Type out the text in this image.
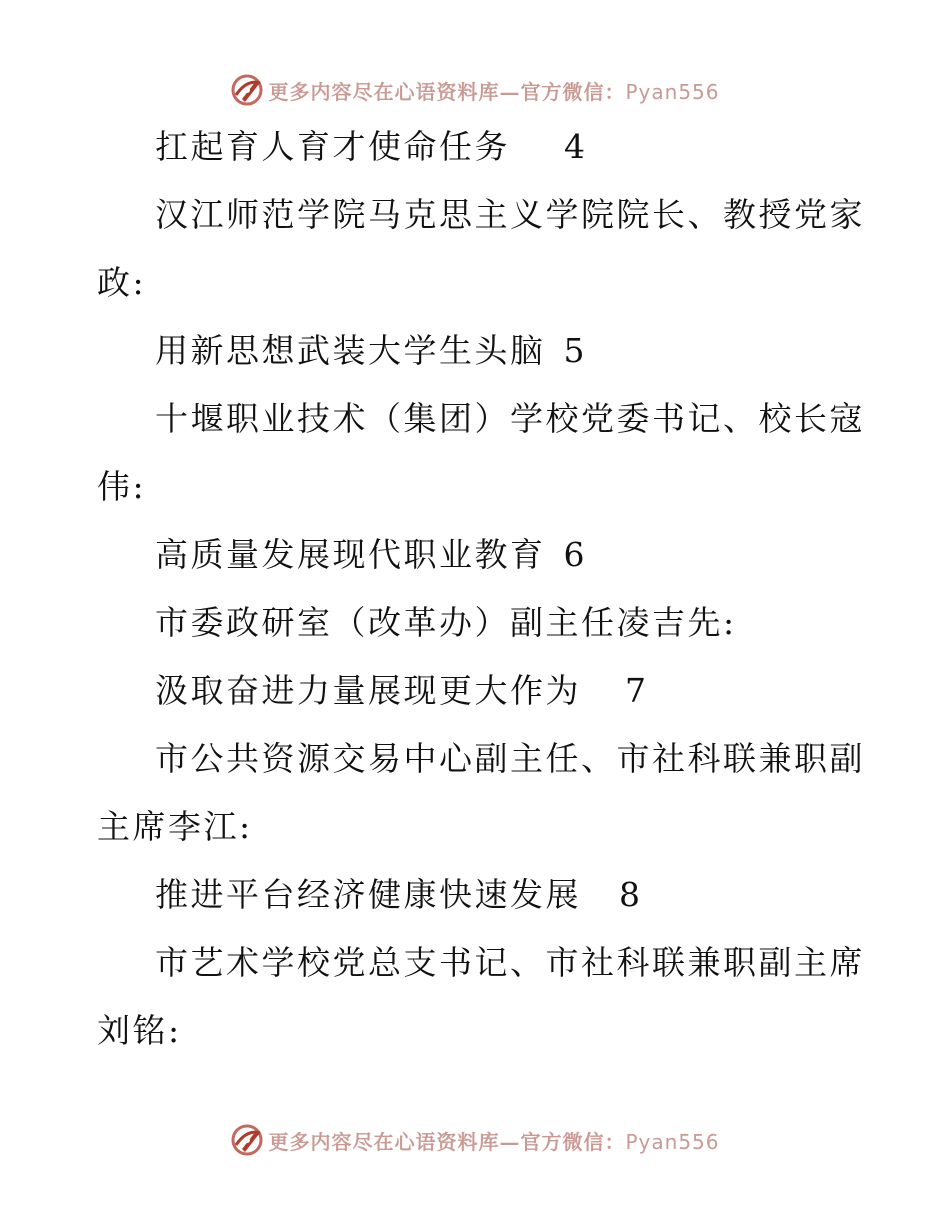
更多内容尽在心语资料库—官方微信：Pyan556
扛起育人育才使命任务 4
汉江师范学院马克思主义学院院长、教授党家
政:
用新思想武装大学生头脑 5
十堰职业技术（集团）学校党委书记、校长寇
伟:
高质量发展现代职业教育 6
市委政研室（改革办）副主任凌吉先:
汲取奋进力量展现更大作为 7
市公共资源交易中心副主任、市社科联兼职副
主席李江:
推进平台经济健康快速发展 8
市艺术学校党总支书记、市社科联兼职副主席
刘铭:
更多内容尽在心语资料库—官方微信：Pyan556
